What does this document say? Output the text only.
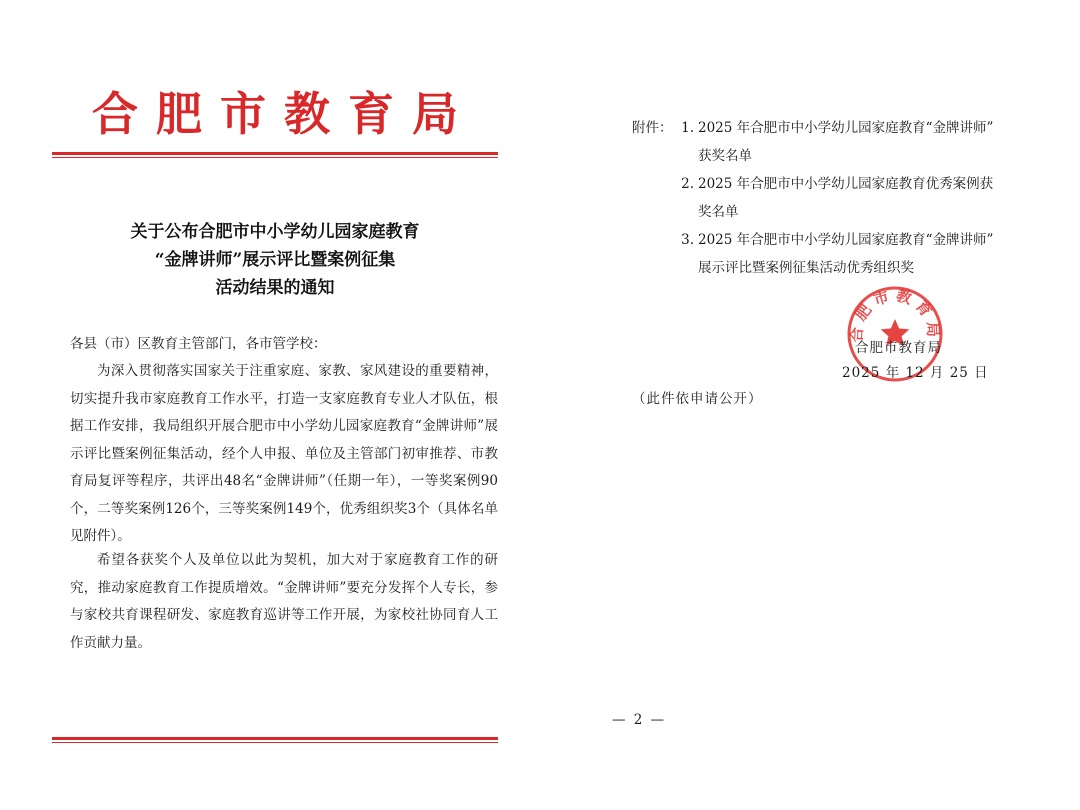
合肥市教育局
关于公布合肥市中小学幼儿园家庭教育
“金牌讲师”展示评比暨案例征集
活动结果的通知
各县（市）区教育主管部门，各市管学校：

为深入贯彻落实国家关于注重家庭、家教、家风建设的重要精神，切实提升我市家庭教育工作水平，打造一支家庭教育专业人才队伍，根据工作安排，我局组织开展合肥市中小学幼儿园家庭教育“金牌讲师”展示评比暨案例征集活动，经个人申报、单位及主管部门初审推荐、市教育局复评等程序，共评出48名“金牌讲师”（任期一年），一等奖案例90个，二等奖案例126个，三等奖案例149个，优秀组织奖3个（具体名单见附件）。

希望各获奖个人及单位以此为契机，加大对于家庭教育工作的研究，推动家庭教育工作提质增效。“金牌讲师”要充分发挥个人专长，参与家校共育课程研发、家庭教育巡讲等工作开展，为家校社协同育人工作贡献力量。

附件： 1. 2025 年合肥市中小学幼儿园家庭教育“金牌讲师”
获奖名单
2. 2025 年合肥市中小学幼儿园家庭教育优秀案例获
奖名单
3. 2025 年合肥市中小学幼儿园家庭教育“金牌讲师”
展示评比暨案例征集活动优秀组织奖
合肥市教育局
合肥市教育局
2025 年 12 月 25 日
（此件依申请公开）
— 2 —
